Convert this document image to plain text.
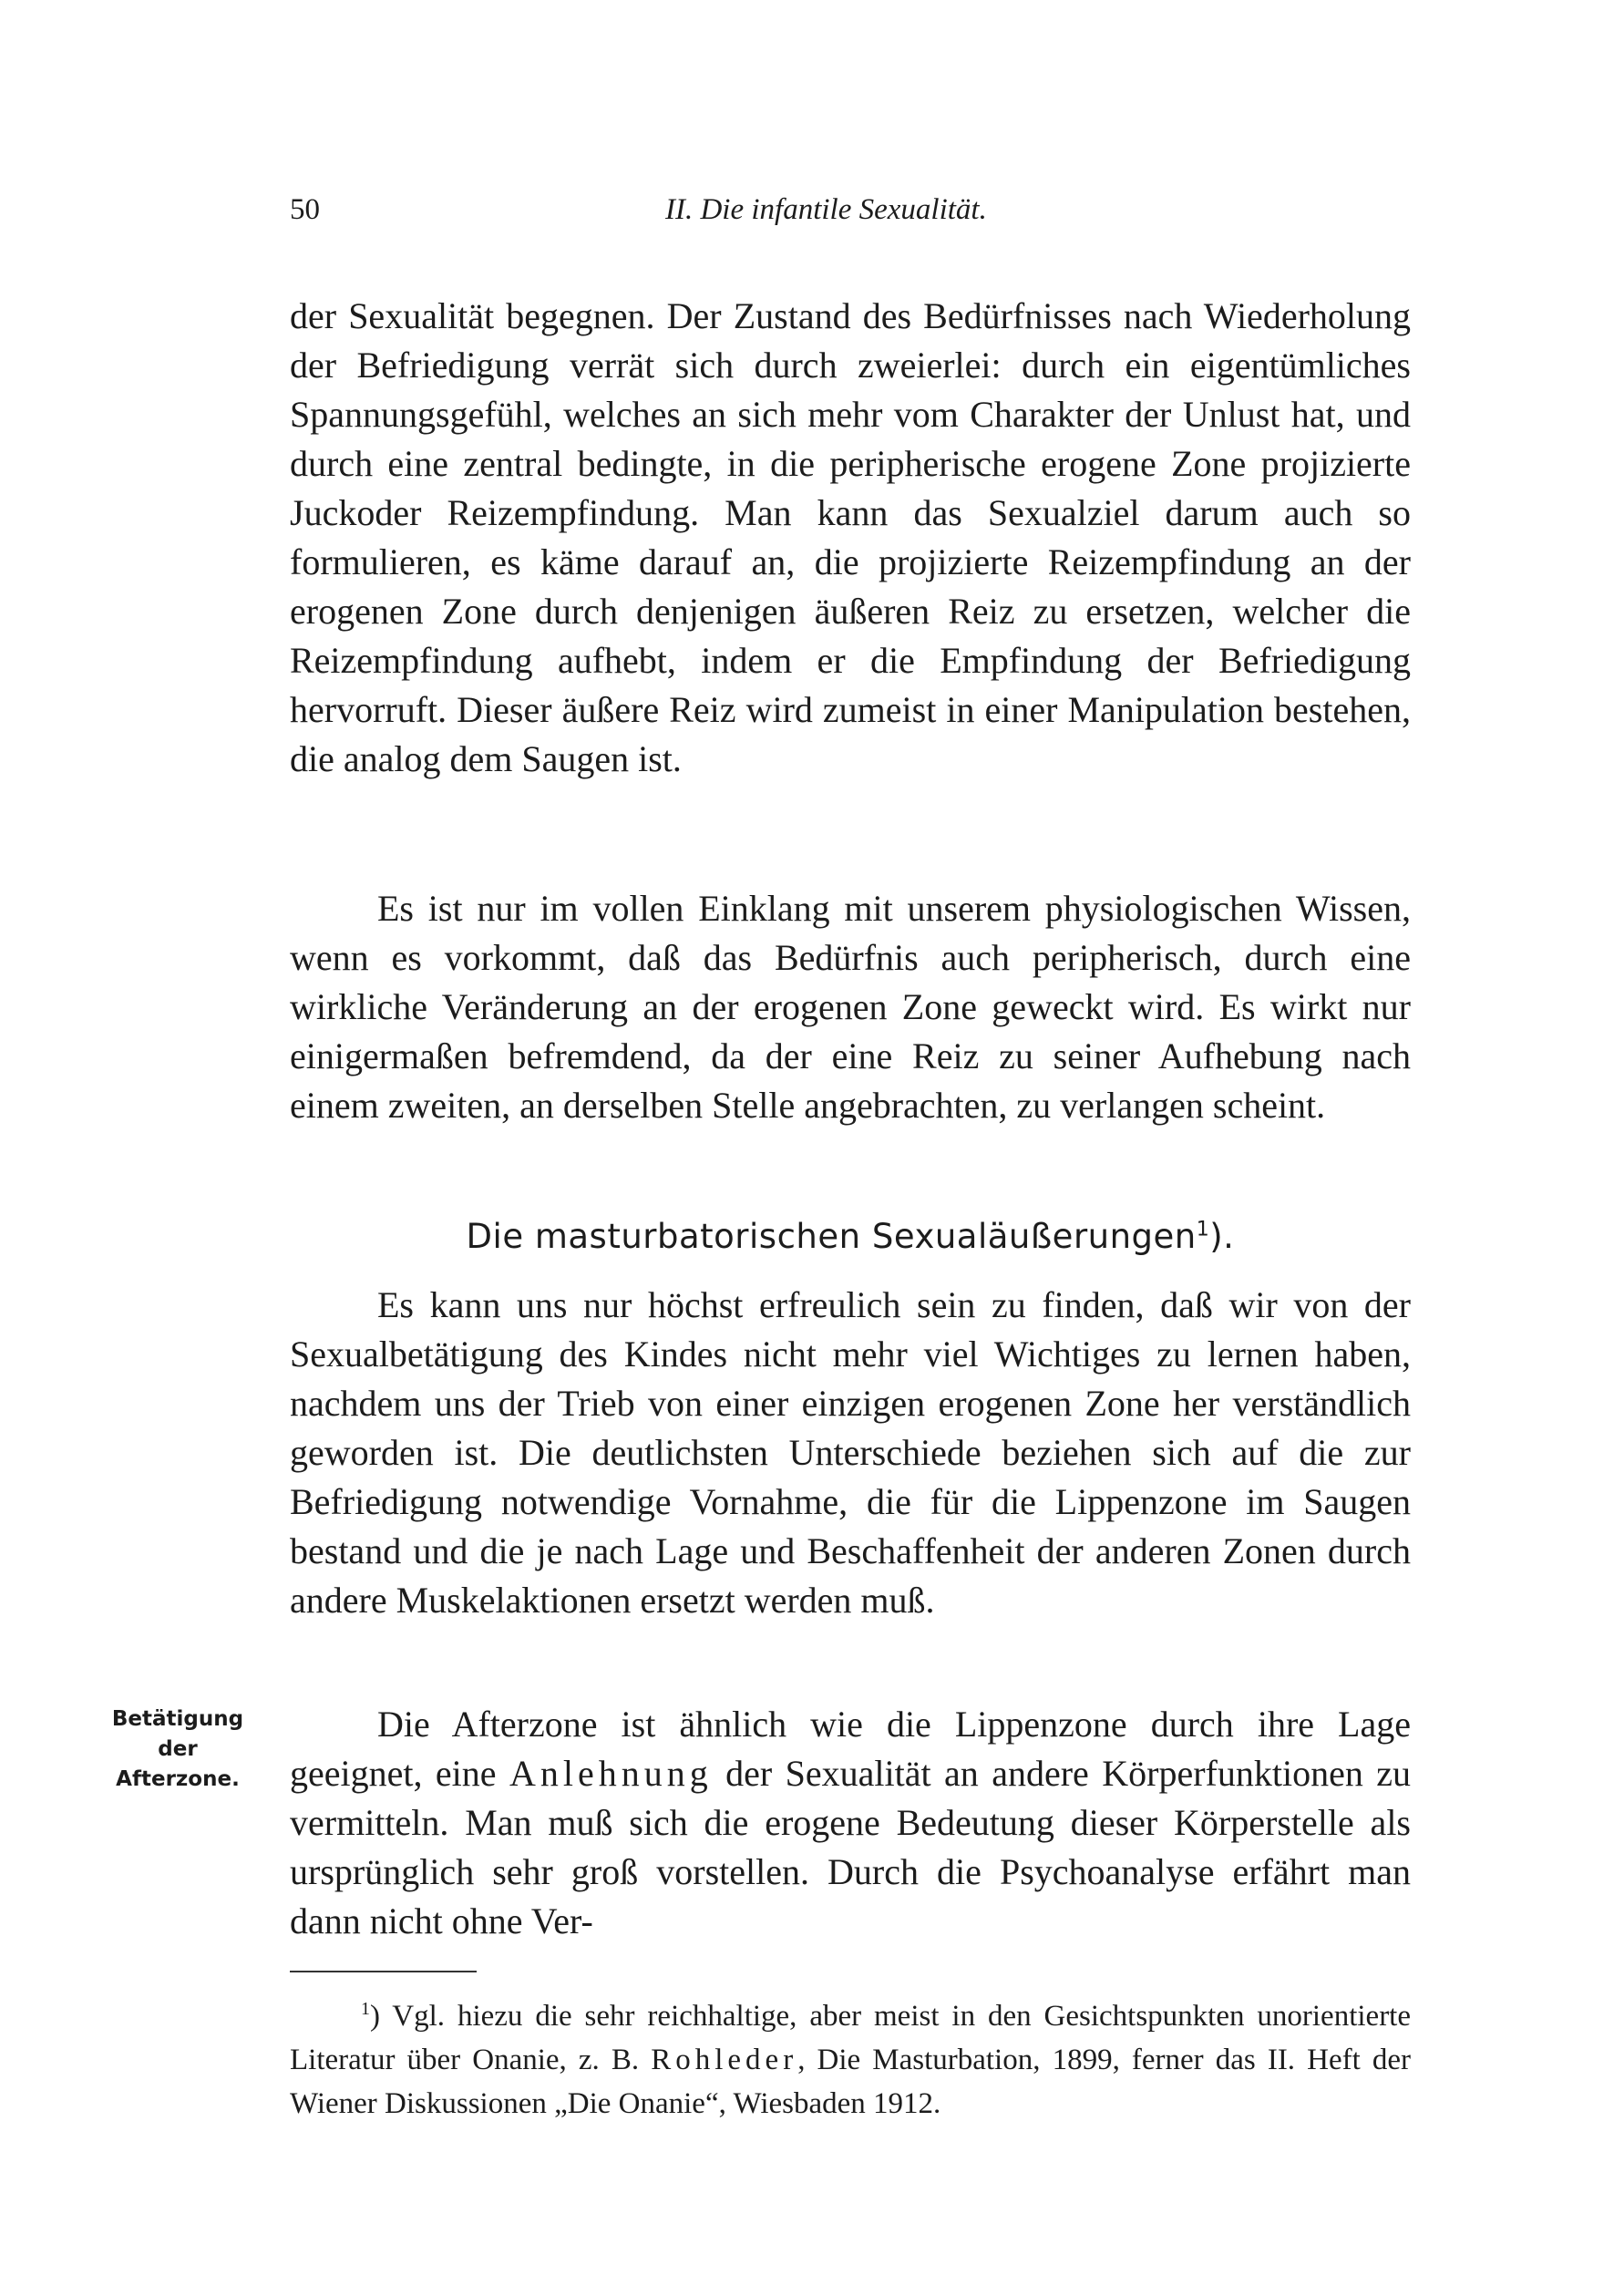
50	II. Die infantile Sexualität.

der Sexualität begegnen. Der Zustand des Bedürfnisses nach Wiederholung der Befriedigung verrät sich durch zweierlei: durch ein eigentümliches Spannungsgefühl, welches an sich mehr vom Charakter der Unlust hat, und durch eine zentral bedingte, in die peripherische erogene Zone projizierte Juckoder Reizempfindung. Man kann das Sexualziel darum auch so formulieren, es käme darauf an, die projizierte Reizempfindung an der erogenen Zone durch denjenigen äußeren Reiz zu ersetzen, welcher die Reizempfindung aufhebt, indem er die Empfindung der Befriedigung hervorruft. Dieser äußere Reiz wird zumeist in einer Manipulation bestehen, die analog dem Saugen ist.

Es ist nur im vollen Einklang mit unserem physiologischen Wissen, wenn es vorkommt, daß das Bedürfnis auch peripherisch, durch eine wirkliche Veränderung an der erogenen Zone geweckt wird. Es wirkt nur einigermaßen befremdend, da der eine Reiz zu seiner Aufhebung nach einem zweiten, an derselben Stelle angebrachten, zu verlangen scheint.

Die masturbatorischen Sexualäußerungen$^1$).

Es kann uns nur höchst erfreulich sein zu finden, daß wir von der Sexualbetätigung des Kindes nicht mehr viel Wichtiges zu lernen haben, nachdem uns der Trieb von einer einzigen erogenen Zone her verständlich geworden ist. Die deutlichsten Unterschiede beziehen sich auf die zur Befriedigung notwendige Vornahme, die für die Lippenzone im Saugen bestand und die je nach Lage und Beschaffenheit der anderen Zonen durch andere Muskelaktionen ersetzt werden muß.

Betätigung
der
Afterzone.

Die Afterzone ist ähnlich wie die Lippenzone durch ihre Lage geeignet, eine Anlehnung der Sexualität an andere Körperfunktionen zu vermitteln. Man muß sich die erogene Bedeutung dieser Körperstelle als ursprünglich sehr groß vorstellen. Durch die Psychoanalyse erfährt man dann nicht ohne Ver-

$^1$) Vgl. hiezu die sehr reichhaltige, aber meist in den Gesichtspunkten unorientierte Literatur über Onanie, z. B. Rohleder, Die Masturbation, 1899, ferner das II. Heft der Wiener Diskussionen „Die Onanie“, Wiesbaden 1912.
